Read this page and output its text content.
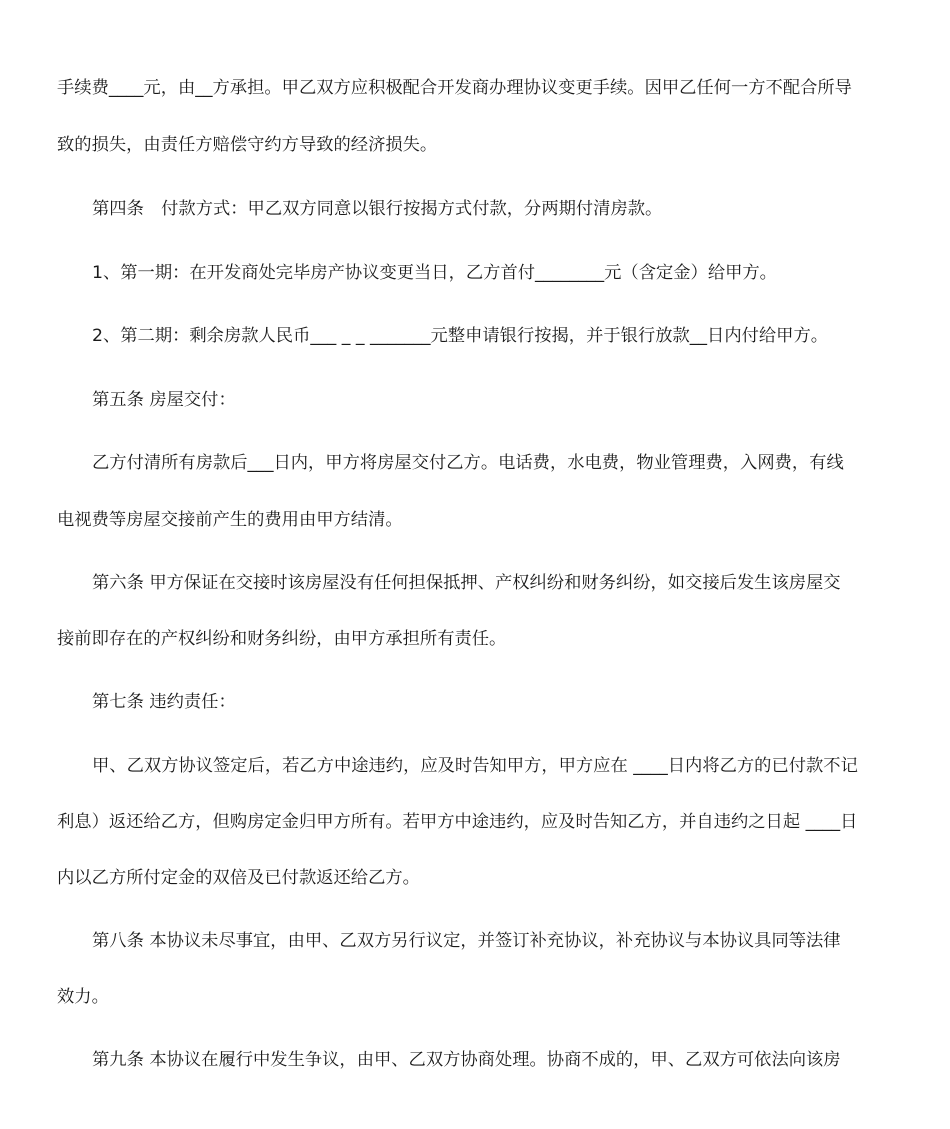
手续费____元，由__方承担。甲乙双方应积极配合开发商办理协议变更手续。因甲乙任何一方不配合所导
致的损失，由责任方赔偿守约方导致的经济损失。
第四条　付款方式：甲乙双方同意以银行按揭方式付款，分两期付清房款。
1、第一期：在开发商处完毕房产协议变更当日，乙方首付________元（含定金）给甲方。
2、第二期：剩余房款人民币___ _ _ _______元整申请银行按揭，并于银行放款__日内付给甲方。
第五条 房屋交付：
乙方付清所有房款后___日内，甲方将房屋交付乙方。电话费，水电费，物业管理费，入网费，有线
电视费等房屋交接前产生的费用由甲方结清。
第六条 甲方保证在交接时该房屋没有任何担保抵押、产权纠纷和财务纠纷，如交接后发生该房屋交
接前即存在的产权纠纷和财务纠纷，由甲方承担所有责任。
第七条 违约责任：
甲、乙双方协议签定后，若乙方中途违约，应及时告知甲方，甲方应在 ____日内将乙方的已付款不记
利息）返还给乙方，但购房定金归甲方所有。若甲方中途违约，应及时告知乙方，并自违约之日起 ____日
内以乙方所付定金的双倍及已付款返还给乙方。
第八条 本协议未尽事宜，由甲、乙双方另行议定，并签订补充协议，补充协议与本协议具同等法律
效力。
第九条 本协议在履行中发生争议，由甲、乙双方协商处理。协商不成的，甲、乙双方可依法向该房
